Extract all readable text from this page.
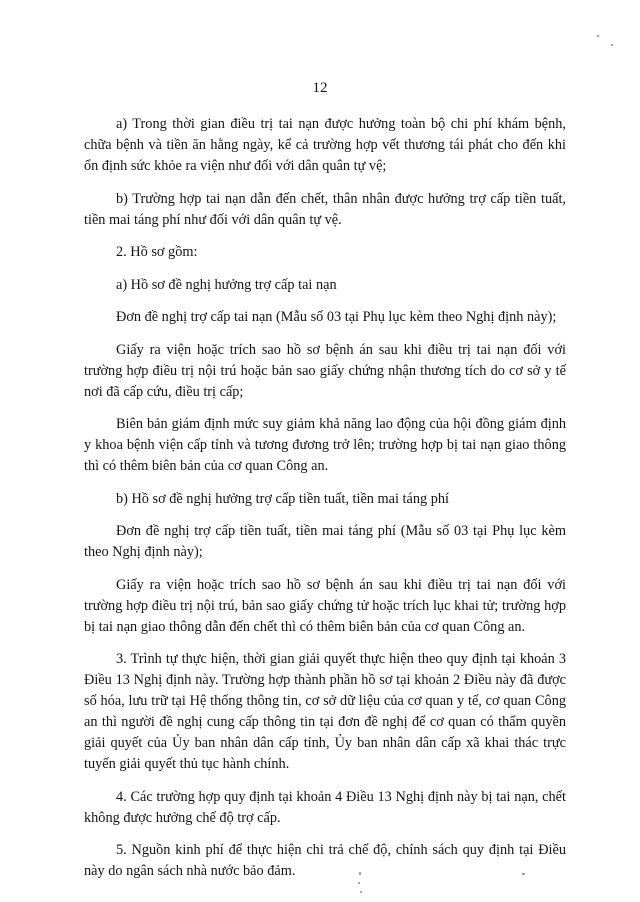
12

a) Trong thời gian điều trị tai nạn được hưởng toàn bộ chi phí khám bệnh, chữa bệnh và tiền ăn hằng ngày, kể cả trường hợp vết thương tái phát cho đến khi ổn định sức khỏe ra viện như đối với dân quân tự vệ;

b) Trường hợp tai nạn dẫn đến chết, thân nhân được hưởng trợ cấp tiền tuất, tiền mai táng phí như đối với dân quân tự vệ.

2. Hồ sơ gồm:

a) Hồ sơ đề nghị hưởng trợ cấp tai nạn

Đơn đề nghị trợ cấp tai nạn (Mẫu số 03 tại Phụ lục kèm theo Nghị định này);

Giấy ra viện hoặc trích sao hồ sơ bệnh án sau khi điều trị tai nạn đối với trường hợp điều trị nội trú hoặc bản sao giấy chứng nhận thương tích do cơ sở y tế nơi đã cấp cứu, điều trị cấp;

Biên bản giám định mức suy giảm khả năng lao động của hội đồng giám định y khoa bệnh viện cấp tỉnh và tương đương trở lên; trường hợp bị tai nạn giao thông thì có thêm biên bản của cơ quan Công an.

b) Hồ sơ đề nghị hưởng trợ cấp tiền tuất, tiền mai táng phí

Đơn đề nghị trợ cấp tiền tuất, tiền mai táng phí (Mẫu số 03 tại Phụ lục kèm theo Nghị định này);

Giấy ra viện hoặc trích sao hồ sơ bệnh án sau khi điều trị tai nạn đối với trường hợp điều trị nội trú, bản sao giấy chứng tử hoặc trích lục khai tử; trường hợp bị tai nạn giao thông dẫn đến chết thì có thêm biên bản của cơ quan Công an.

3. Trình tự thực hiện, thời gian giải quyết thực hiện theo quy định tại khoản 3 Điều 13 Nghị định này. Trường hợp thành phần hồ sơ tại khoản 2 Điều này đã được số hóa, lưu trữ tại Hệ thống thông tin, cơ sở dữ liệu của cơ quan y tế, cơ quan Công an thì người đề nghị cung cấp thông tin tại đơn đề nghị để cơ quan có thẩm quyền giải quyết của Ủy ban nhân dân cấp tỉnh, Ủy ban nhân dân cấp xã khai thác trực tuyến giải quyết thủ tục hành chính.

4. Các trường hợp quy định tại khoản 4 Điều 13 Nghị định này bị tai nạn, chết không được hưởng chế độ trợ cấp.

5. Nguồn kinh phí để thực hiện chi trả chế độ, chính sách quy định tại Điều này do ngân sách nhà nước bảo đảm.
